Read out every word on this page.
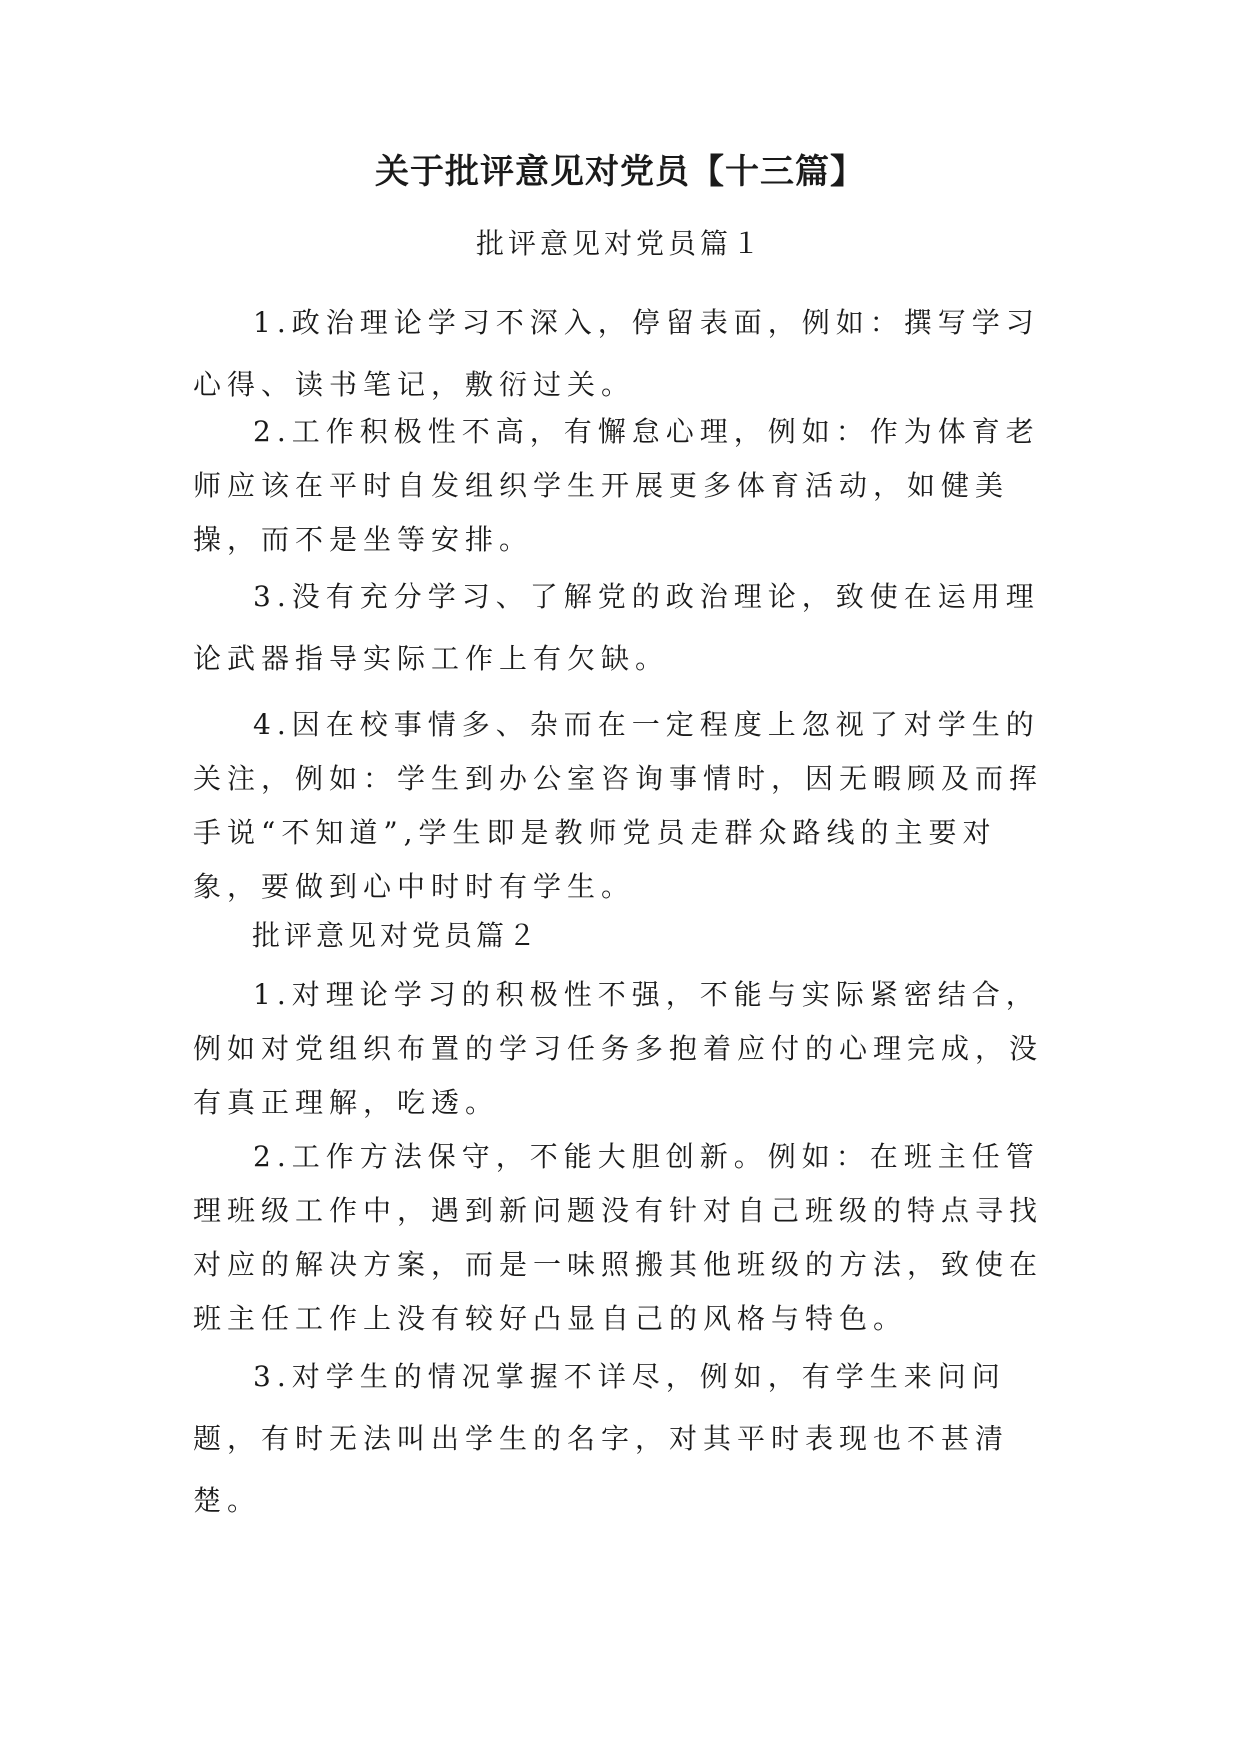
关于批评意见对党员【十三篇】
批评意见对党员篇１

1.政治理论学习不深入，停留表面，例如：撰写学习心得、读书笔记，敷衍过关。

2.工作积极性不高，有懈怠心理，例如：作为体育老师应该在平时自发组织学生开展更多体育活动，如健美操，而不是坐等安排。

3.没有充分学习、了解党的政治理论，致使在运用理论武器指导实际工作上有欠缺。

4.因在校事情多、杂而在一定程度上忽视了对学生的关注，例如：学生到办公室咨询事情时，因无暇顾及而挥手说“不知道”,学生即是教师党员走群众路线的主要对象，要做到心中时时有学生。

批评意见对党员篇２

1.对理论学习的积极性不强，不能与实际紧密结合，例如对党组织布置的学习任务多抱着应付的心理完成，没有真正理解，吃透。

2.工作方法保守，不能大胆创新。例如：在班主任管理班级工作中，遇到新问题没有针对自己班级的特点寻找对应的解决方案，而是一味照搬其他班级的方法，致使在班主任工作上没有较好凸显自己的风格与特色。

3.对学生的情况掌握不详尽，例如，有学生来问问题，有时无法叫出学生的名字，对其平时表现也不甚清楚。
